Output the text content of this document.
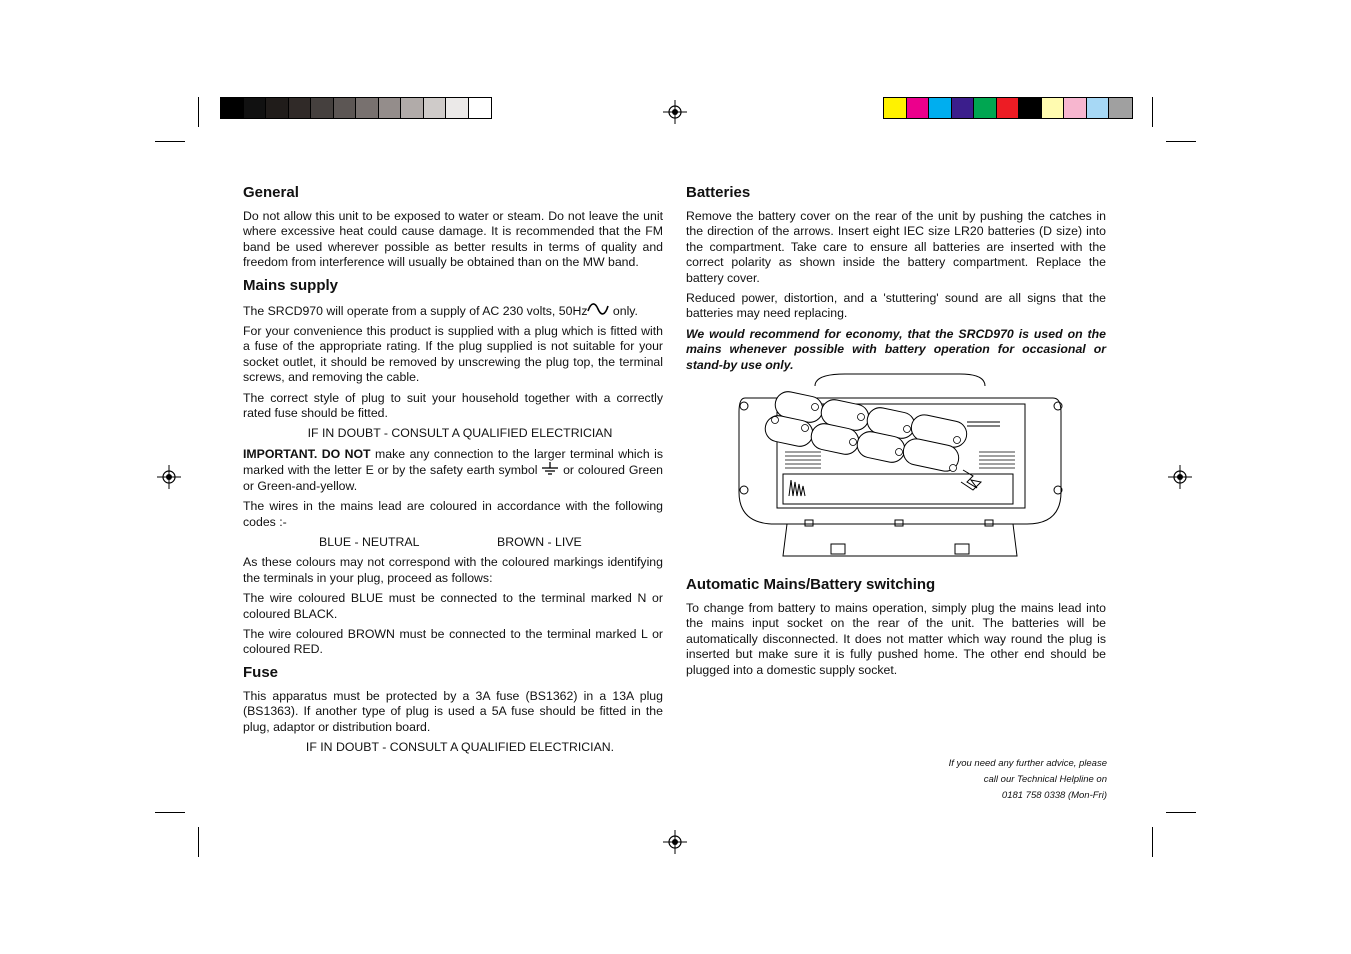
General

Do not allow this unit to be exposed to water or steam. Do not leave the unit where excessive heat could cause damage. It is recommended that the FM band be used wherever possible as better results in terms of quality and freedom from interference will usually be obtained than on the MW band.

Mains supply

The SRCD970 will operate from a supply of AC 230 volts, 50Hz only.

For your convenience this product is supplied with a plug which is fitted with a fuse of the appropriate rating. If the plug supplied is not suitable for your socket outlet, it should be removed by unscrewing the plug top, the terminal screws, and removing the cable.

The correct style of plug to suit your household together with a correctly rated fuse should be fitted.

IF IN DOUBT - CONSULT A QUALIFIED ELECTRICIAN

IMPORTANT. DO NOT make any connection to the larger terminal which is marked with the letter E or by the safety earth symbol  or coloured Green or Green-and-yellow.

The wires in the mains lead are coloured in accordance with the following codes :-

BLUE - NEUTRAL	BROWN - LIVE

As these colours may not correspond with the coloured markings identifying the terminals in your plug, proceed as follows:

The wire coloured BLUE must be connected to the terminal marked N or coloured BLACK.

The wire coloured BROWN must be connected to the terminal marked L or coloured RED.

Fuse

This apparatus must be protected by a 3A fuse (BS1362) in a 13A plug (BS1363). If another type of plug is used a 5A fuse should be fitted in the plug, adaptor or distribution board.

IF IN DOUBT - CONSULT A QUALIFIED ELECTRICIAN.

Batteries

Remove the battery cover on the rear of the unit by pushing the catches in the direction of the arrows. Insert eight IEC size LR20 batteries (D size) into the compartment. Take care to ensure all batteries are inserted with the correct polarity as shown inside the battery compartment. Replace the battery cover.

Reduced power, distortion, and a 'stuttering' sound are all signs that the batteries may need replacing.

We would recommend for economy, that the SRCD970 is used on the mains whenever possible with battery operation for occasional or stand-by use only.

Automatic Mains/Battery switching

To change from battery to mains operation, simply plug the mains lead into the mains input socket on the rear of the unit. The batteries will be automatically disconnected. It does not matter which way round the plug is inserted but make sure it is fully pushed home. The other end should be plugged into a domestic supply socket.

If you need any further advice, please
call our Technical Helpline on
0181 758 0338 (Mon-Fri)
